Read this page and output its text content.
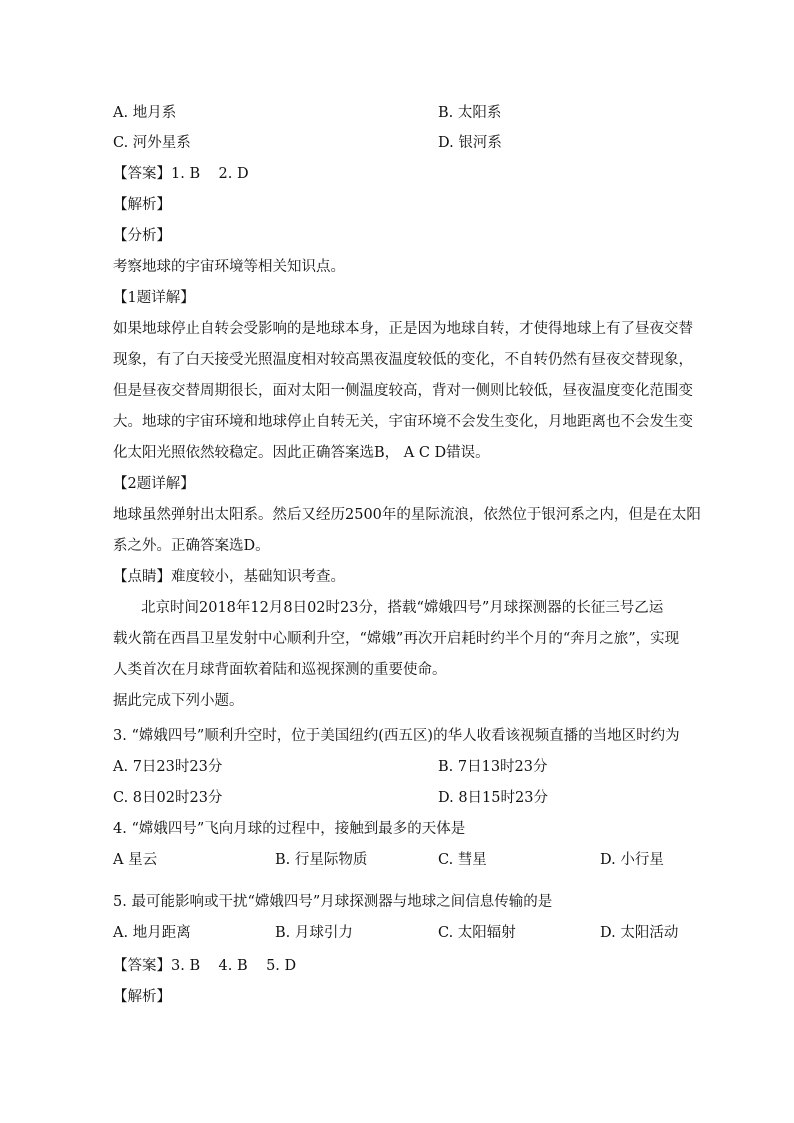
A. 地月系	B. 太阳系
C. 河外星系	D. 银河系
【答案】1. B    2. D
【解析】
【分析】
考察地球的宇宙环境等相关知识点。
【1题详解】
如果地球停止自转会受影响的是地球本身，正是因为地球自转，才使得地球上有了昼夜交替
现象，有了白天接受光照温度相对较高黑夜温度较低的变化，不自转仍然有昼夜交替现象，
但是昼夜交替周期很长，面对太阳一侧温度较高，背对一侧则比较低，昼夜温度变化范围变
大。地球的宇宙环境和地球停止自转无关，宇宙环境不会发生变化，月地距离也不会发生变
化太阳光照依然较稳定。因此正确答案选B， A C D错误。
【2题详解】
地球虽然弹射出太阳系。然后又经历2500年的星际流浪，依然位于银河系之内，但是在太阳
系之外。正确答案选D。
【点睛】难度较小，基础知识考查。
北京时间2018年12月8日02时23分，搭载“嫦娥四号”月球探测器的长征三号乙运
载火箭在西昌卫星发射中心顺利升空，“嫦娥”再次开启耗时约半个月的“奔月之旅”，实现
人类首次在月球背面软着陆和巡视探测的重要使命。
据此完成下列小题。
3. “嫦娥四号”顺利升空时，位于美国纽约(西五区)的华人收看该视频直播的当地区时约为
A. 7日23时23分	B. 7日13时23分
C. 8日02时23分	D. 8日15时23分
4. “嫦娥四号”飞向月球的过程中，接触到最多的天体是
A 星云	B. 行星际物质	C. 彗星	D. 小行星
5. 最可能影响或干扰“嫦娥四号”月球探测器与地球之间信息传输的是
A. 地月距离	B. 月球引力	C. 太阳辐射	D. 太阳活动
【答案】3. B    4. B    5. D
【解析】
